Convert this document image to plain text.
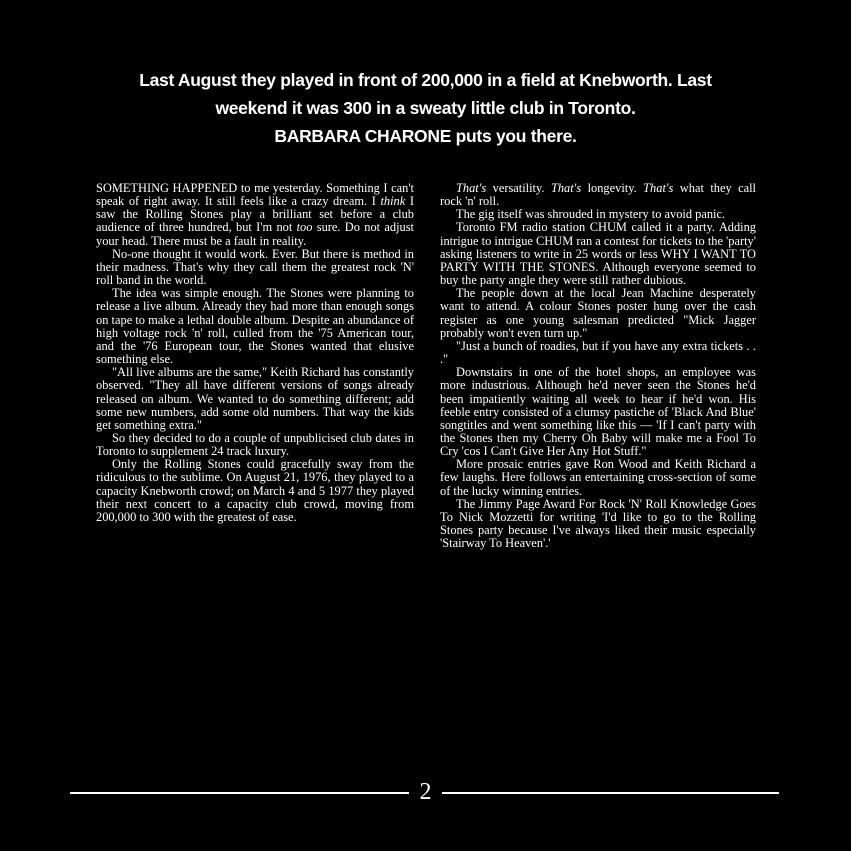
Last August they played in front of 200,000 in a field at Knebworth. Last
weekend it was 300 in a sweaty little club in Toronto.
BARBARA CHARONE puts you there.

SOMETHING HAPPENED to me yesterday. Something I can't speak of right away. It still feels like a crazy dream. I think I saw the Rolling Stones play a brilliant set before a club audience of three hundred, but I'm not too sure. Do not adjust your head. There must be a fault in reality.

No-one thought it would work. Ever. But there is method in their madness. That's why they call them the greatest rock 'N' roll band in the world.

The idea was simple enough. The Stones were planning to release a live album. Already they had more than enough songs on tape to make a lethal double album. Despite an abundance of high voltage rock 'n' roll, culled from the '75 American tour, and the '76 European tour, the Stones wanted that elusive something else.

"All live albums are the same," Keith Richard has constantly observed. "They all have different versions of songs already released on album. We wanted to do something different; add some new numbers, add some old numbers. That way the kids get something extra."

So they decided to do a couple of unpublicised club dates in Toronto to supplement 24 track luxury.

Only the Rolling Stones could gracefully sway from the ridiculous to the sublime. On August 21, 1976, they played to a capacity Knebworth crowd; on March 4 and 5 1977 they played their next concert to a capacity club crowd, moving from 200,000 to 300 with the greatest of ease.

That's versatility. That's longevity. That's what they call rock 'n' roll.

The gig itself was shrouded in mystery to avoid panic.

Toronto FM radio station CHUM called it a party. Adding intrigue to intrigue CHUM ran a contest for tickets to the 'party' asking listeners to write in 25 words or less WHY I WANT TO PARTY WITH THE STONES. Although everyone seemed to buy the party angle they were still rather dubious.

The people down at the local Jean Machine desperately want to attend. A colour Stones poster hung over the cash register as one young salesman predicted "Mick Jagger probably won't even turn up."

"Just a bunch of roadies, but if you have any extra tickets . . ."

Downstairs in one of the hotel shops, an employee was more industrious. Although he'd never seen the Stones he'd been impatiently waiting all week to hear if he'd won. His feeble entry consisted of a clumsy pastiche of 'Black And Blue' songtitles and went something like this — 'If I can't party with the Stones then my Cherry Oh Baby will make me a Fool To Cry 'cos I Can't Give Her Any Hot Stuff."

More prosaic entries gave Ron Wood and Keith Richard a few laughs. Here follows an entertaining cross-section of some of the lucky winning entries.

The Jimmy Page Award For Rock 'N' Roll Knowledge Goes To Nick Mozzetti for writing 'I'd like to go to the Rolling Stones party because I've always liked their music especially 'Stairway To Heaven'.'

2
